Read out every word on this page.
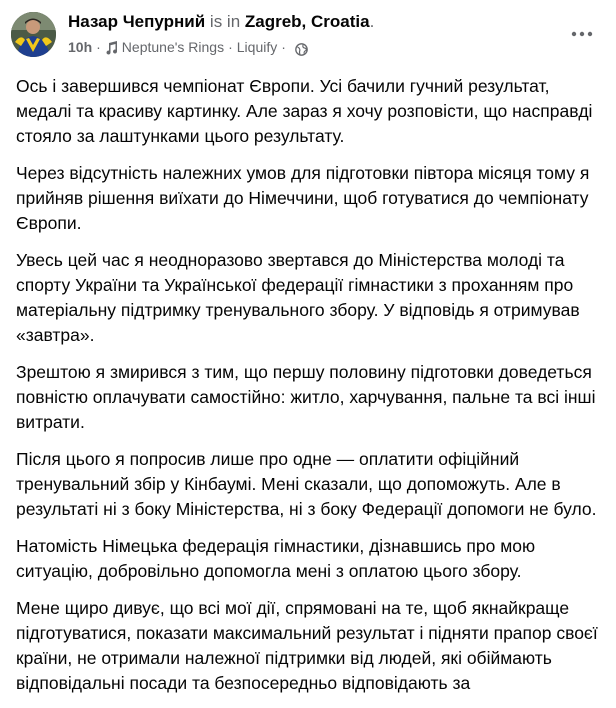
Назар Чепурний is in Zagreb, Croatia.
10h · Neptune's Rings · Liquify ·

Ось і завершився чемпіонат Європи. Усі бачили гучний результат, медалі та красиву картинку. Але зараз я хочу розповісти, що насправді стояло за лаштунками цього результату.

Через відсутність належних умов для підготовки півтора місяця тому я прийняв рішення виїхати до Німеччини, щоб готуватися до чемпіонату Європи.

Увесь цей час я неодноразово звертався до Міністерства молоді та спорту України та Української федерації гімнастики з проханням про матеріальну підтримку тренувального збору. У відповідь я отримував «завтра».

Зрештою я змирився з тим, що першу половину підготовки доведеться повністю оплачувати самостійно: житло, харчування, пальне та всі інші витрати.

Після цього я попросив лише про одне — оплатити офіційний тренувальний збір у Кінбаумі. Мені сказали, що допоможуть. Але в результаті ні з боку Міністерства, ні з боку Федерації допомоги не було.

Натомість Німецька федерація гімнастики, дізнавшись про мою ситуацію, добровільно допомогла мені з оплатою цього збору.

Мене щиро дивує, що всі мої дії, спрямовані на те, щоб якнайкраще підготуватися, показати максимальний результат і підняти прапор своєї країни, не отримали належної підтримки від людей, які обіймають відповідальні посади та безпосередньо відповідають за
